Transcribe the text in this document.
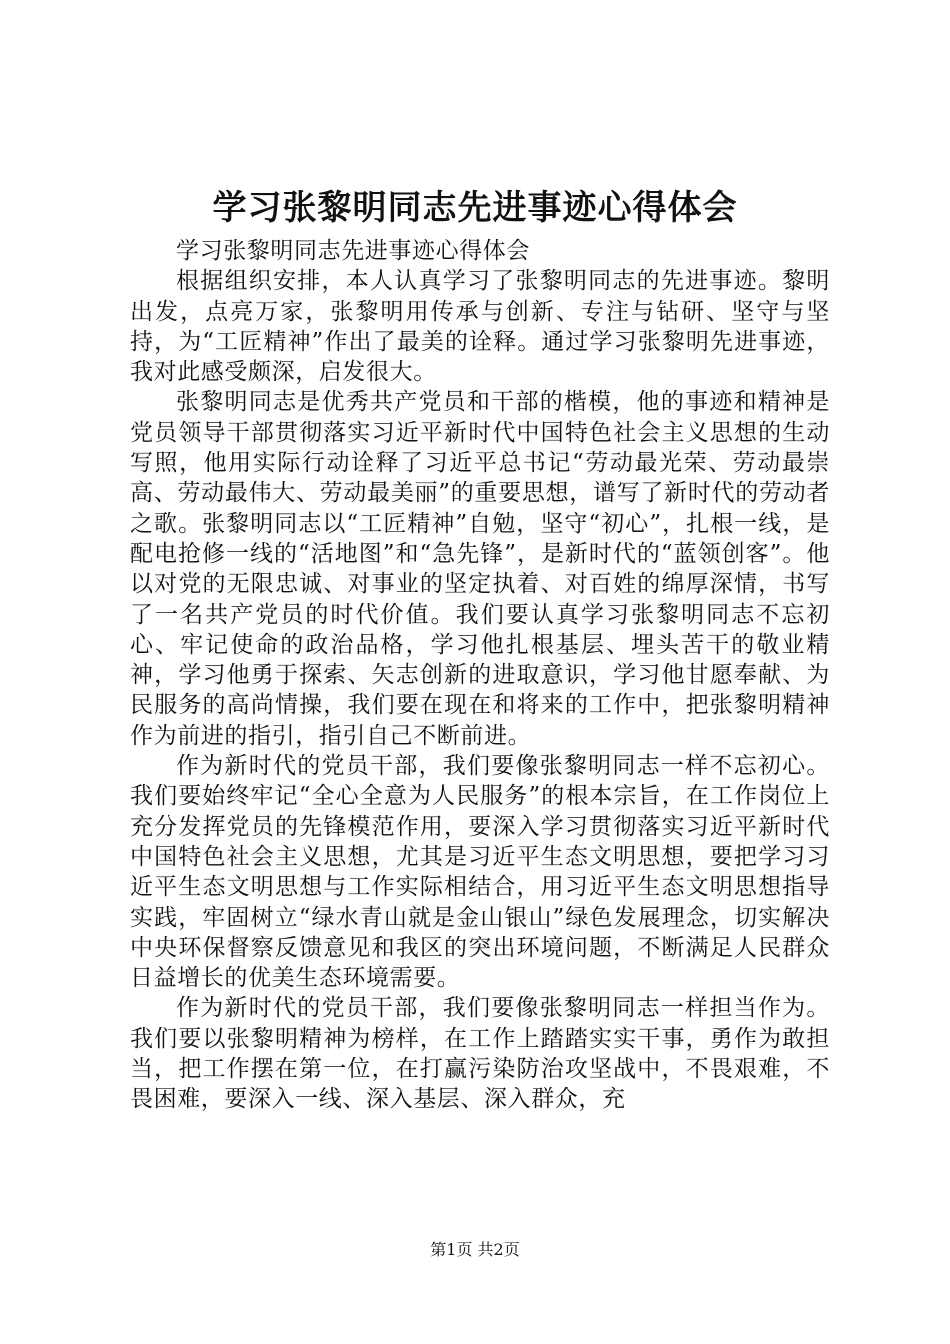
学习张黎明同志先进事迹心得体会

学习张黎明同志先进事迹心得体会

根据组织安排，本人认真学习了张黎明同志的先进事迹。黎明出发，点亮万家，张黎明用传承与创新、专注与钻研、坚守与坚持，为“工匠精神”作出了最美的诠释。通过学习张黎明先进事迹，我对此感受颇深，启发很大。

张黎明同志是优秀共产党员和干部的楷模，他的事迹和精神是党员领导干部贯彻落实习近平新时代中国特色社会主义思想的生动写照，他用实际行动诠释了习近平总书记“劳动最光荣、劳动最崇高、劳动最伟大、劳动最美丽”的重要思想，谱写了新时代的劳动者之歌。张黎明同志以“工匠精神”自勉，坚守“初心”，扎根一线，是配电抢修一线的“活地图”和“急先锋”，是新时代的“蓝领创客”。他以对党的无限忠诚、对事业的坚定执着、对百姓的绵厚深情，书写了一名共产党员的时代价值。我们要认真学习张黎明同志不忘初心、牢记使命的政治品格，学习他扎根基层、埋头苦干的敬业精神，学习他勇于探索、矢志创新的进取意识，学习他甘愿奉献、为民服务的高尚情操，我们要在现在和将来的工作中，把张黎明精神作为前进的指引，指引自己不断前进。

作为新时代的党员干部，我们要像张黎明同志一样不忘初心。我们要始终牢记“全心全意为人民服务”的根本宗旨，在工作岗位上充分发挥党员的先锋模范作用，要深入学习贯彻落实习近平新时代中国特色社会主义思想，尤其是习近平生态文明思想，要把学习习近平生态文明思想与工作实际相结合，用习近平生态文明思想指导实践，牢固树立“绿水青山就是金山银山”绿色发展理念，切实解决中央环保督察反馈意见和我区的突出环境问题，不断满足人民群众日益增长的优美生态环境需要。

作为新时代的党员干部，我们要像张黎明同志一样担当作为。我们要以张黎明精神为榜样，在工作上踏踏实实干事，勇作为敢担当，把工作摆在第一位，在打赢污染防治攻坚战中，不畏艰难，不畏困难，要深入一线、深入基层、深入群众，充

第1页 共2页
